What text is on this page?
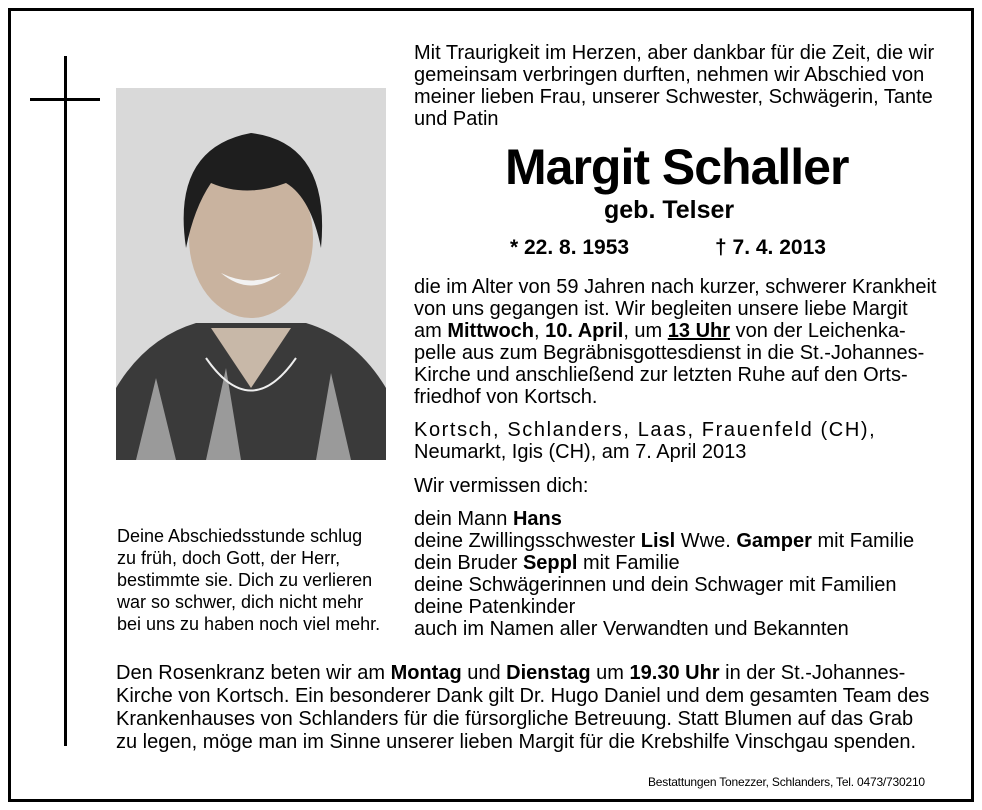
Mit Traurigkeit im Herzen, aber dankbar für die Zeit, die wir
gemeinsam verbringen durften, nehmen wir Abschied von
meiner lieben Frau, unserer Schwester, Schwägerin, Tante
und Patin
Margit Schaller
geb. Telser
* 22. 8. 1953	† 7. 4. 2013
die im Alter von 59 Jahren nach kurzer, schwerer Krankheit
von uns gegangen ist. Wir begleiten unsere liebe Margit
am Mittwoch, 10. April, um 13 Uhr von der Leichenka-
pelle aus zum Begräbnisgottesdienst in die St.-Johannes-
Kirche und anschließend zur letzten Ruhe auf den Orts-
friedhof von Kortsch.
Kortsch, Schlanders, Laas, Frauenfeld (CH),
Neumarkt, Igis (CH), am 7. April 2013
Wir vermissen dich:
dein Mann Hans
deine Zwillingsschwester Lisl Wwe. Gamper mit Familie
dein Bruder Seppl mit Familie
deine Schwägerinnen und dein Schwager mit Familien
deine Patenkinder
auch im Namen aller Verwandten und Bekannten
Deine Abschiedsstunde schlug
zu früh, doch Gott, der Herr,
bestimmte sie. Dich zu verlieren
war so schwer, dich nicht mehr
bei uns zu haben noch viel mehr.
Den Rosenkranz beten wir am Montag und Dienstag um 19.30 Uhr in der St.-Johannes-
Kirche von Kortsch. Ein besonderer Dank gilt Dr. Hugo Daniel und dem gesamten Team des
Krankenhauses von Schlanders für die fürsorgliche Betreuung. Statt Blumen auf das Grab
zu legen, möge man im Sinne unserer lieben Margit für die Krebshilfe Vinschgau spenden.
Bestattungen Tonezzer, Schlanders, Tel. 0473/730210
